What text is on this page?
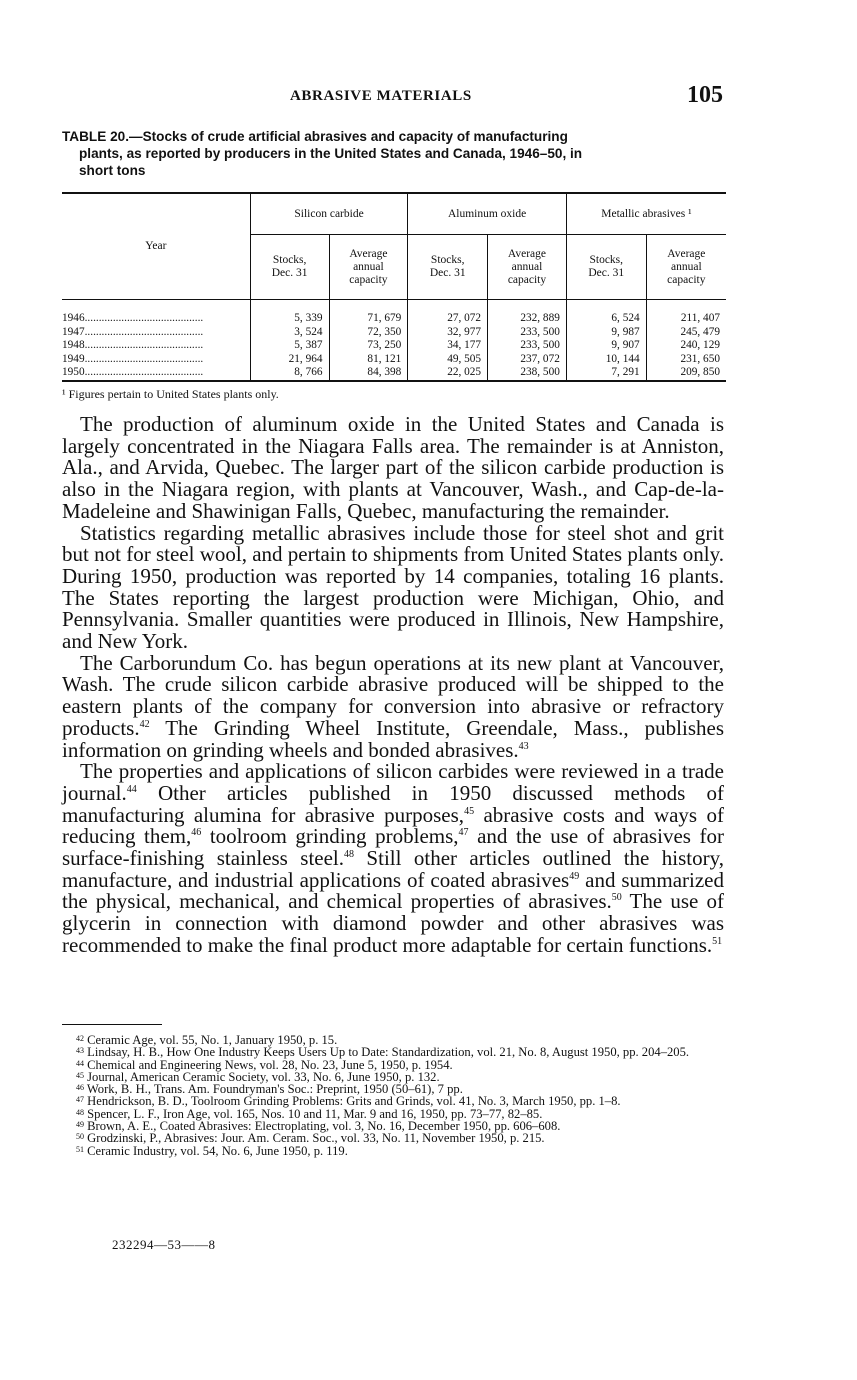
ABRASIVE MATERIALS	105
TABLE 20.—Stocks of crude artificial abrasives and capacity of manufacturing
plants, as reported by producers in the United States and Canada, 1946–50, in
short tons
Year	Silicon carbide		Aluminum oxide		Metallic abrasives ¹	
	Stocks,
Dec. 31	Average
annual
capacity	Stocks,
Dec. 31	Average
annual
capacity	Stocks,
Dec. 31	Average
annual
capacity
1946..........................................	5, 339	71, 679	27, 072	232, 889	6, 524	211, 407
1947..........................................	3, 524	72, 350	32, 977	233, 500	9, 987	245, 479
1948..........................................	5, 387	73, 250	34, 177	233, 500	9, 907	240, 129
1949..........................................	21, 964	81, 121	49, 505	237, 072	10, 144	231, 650
1950..........................................	8, 766	84, 398	22, 025	238, 500	7, 291	209, 850
¹ Figures pertain to United States plants only.

The production of aluminum oxide in the United States and Canada is largely concentrated in the Niagara Falls area. The remainder is at Anniston, Ala., and Arvida, Quebec. The larger part of the silicon carbide production is also in the Niagara region, with plants at Vancouver, Wash., and Cap-de-la-Madeleine and Shawinigan Falls, Quebec, manufacturing the remainder.

Statistics regarding metallic abrasives include those for steel shot and grit but not for steel wool, and pertain to shipments from United States plants only. During 1950, production was reported by 14 companies, totaling 16 plants. The States reporting the largest production were Michigan, Ohio, and Pennsylvania. Smaller quantities were produced in Illinois, New Hampshire, and New York.

The Carborundum Co. has begun operations at its new plant at Vancouver, Wash. The crude silicon carbide abrasive produced will be shipped to the eastern plants of the company for conversion into abrasive or refractory products.$^{42}$ The Grinding Wheel Institute, Greendale, Mass., publishes information on grinding wheels and bonded abrasives.$^{43}$

The properties and applications of silicon carbides were reviewed in a trade journal.$^{44}$ Other articles published in 1950 discussed methods of manufacturing alumina for abrasive purposes,$^{45}$ abrasive costs and ways of reducing them,$^{46}$ toolroom grinding problems,$^{47}$ and the use of abrasives for surface-finishing stainless steel.$^{48}$ Still other articles outlined the history, manufacture, and industrial applications of coated abrasives$^{49}$ and summarized the physical, mechanical, and chemical properties of abrasives.$^{50}$ The use of glycerin in connection with diamond powder and other abrasives was recommended to make the final product more adaptable for certain functions.$^{51}$

$^{42}$ Ceramic Age, vol. 55, No. 1, January 1950, p. 15.

$^{43}$ Lindsay, H. B., How One Industry Keeps Users Up to Date: Standardization, vol. 21, No. 8, August 1950, pp. 204–205.

$^{44}$ Chemical and Engineering News, vol. 28, No. 23, June 5, 1950, p. 1954.

$^{45}$ Journal, American Ceramic Society, vol. 33, No. 6, June 1950, p. 132.

$^{46}$ Work, B. H., Trans. Am. Foundryman's Soc.: Preprint, 1950 (50–61), 7 pp.

$^{47}$ Hendrickson, B. D., Toolroom Grinding Problems: Grits and Grinds, vol. 41, No. 3, March 1950, pp. 1–8.

$^{48}$ Spencer, L. F., Iron Age, vol. 165, Nos. 10 and 11, Mar. 9 and 16, 1950, pp. 73–77, 82–85.

$^{49}$ Brown, A. E., Coated Abrasives: Electroplating, vol. 3, No. 16, December 1950, pp. 606–608.

$^{50}$ Grodzinski, P., Abrasives: Jour. Am. Ceram. Soc., vol. 33, No. 11, November 1950, p. 215.

$^{51}$ Ceramic Industry, vol. 54, No. 6, June 1950, p. 119.

232294—53——8
